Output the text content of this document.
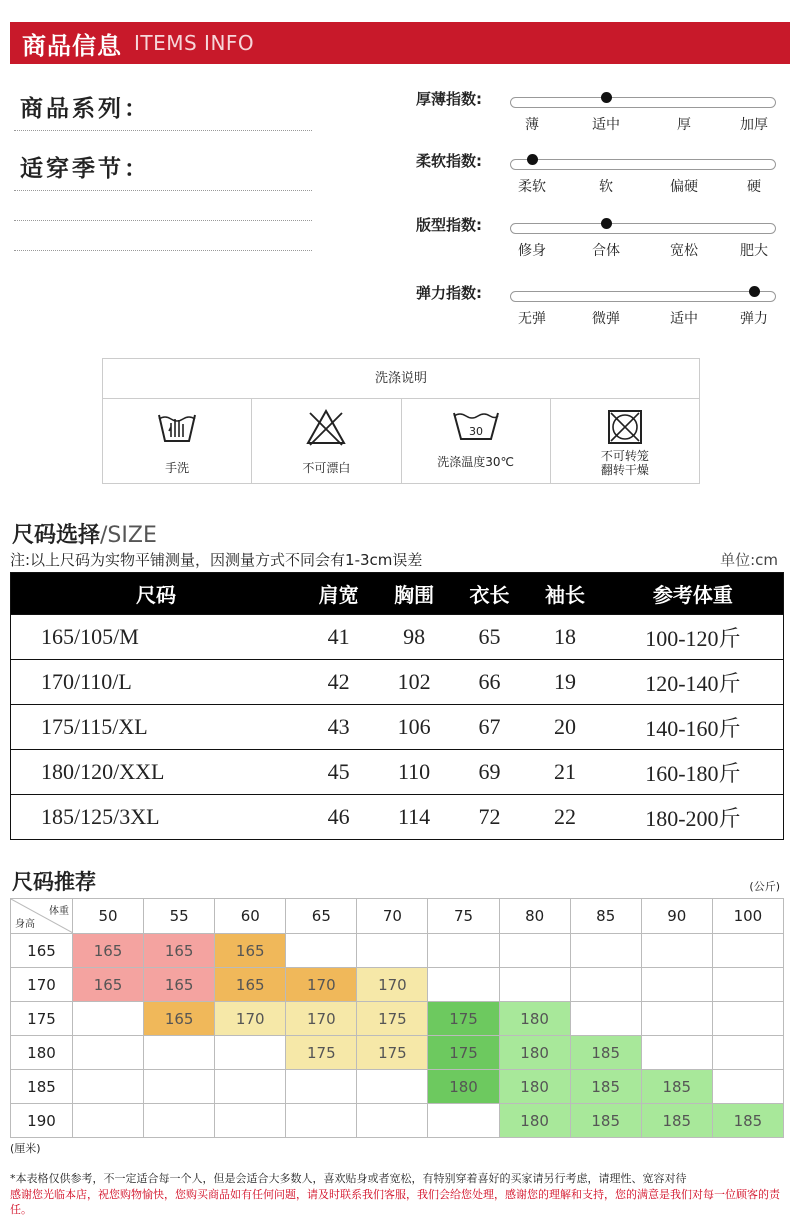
商品信息 ITEMS INFO
商品系列：
适穿季节：
厚薄指数:
薄	适中	厚	加厚
柔软指数:
柔软	软	偏硬	硬
版型指数:
修身	合体	宽松	肥大
弹力指数:
无弹	微弹	适中	弹力
洗涤说明
手洗	不可漂白
30
洗涤温度30℃	不可转笼
翻转干燥
尺码选择/SIZE
注:以上尺码为实物平铺测量，因测量方式不同会有1-3cm误差	单位:cm
尺码	肩宽	胸围	衣长	袖长	参考体重
165/105/M	41	98	65	18	100-120斤
170/110/L	42	102	66	19	120-140斤
175/115/XL	43	106	67	20	140-160斤
180/120/XXL	45	110	69	21	160-180斤
185/125/3XL	46	114	72	22	180-200斤
尺码推荐	(公斤)
体重
身高	50	55	60	65	70	75	80	85	90	100
165	165	165	165							
170	165	165	165	170	170					
175		165	170	170	175	175	180			
180				175	175	175	180	185		
185						180	180	185	185	
190							180	185	185	185
(厘米)
*本表格仅供参考，不一定适合每一个人，但是会适合大多数人，喜欢贴身或者宽松，有特别穿着喜好的买家请另行考虑，请理性、宽容对待
感谢您光临本店，祝您购物愉快，您购买商品如有任何问题，请及时联系我们客服，我们会给您处理，感谢您的理解和支持，您的满意是我们对每一位顾客的责任。
